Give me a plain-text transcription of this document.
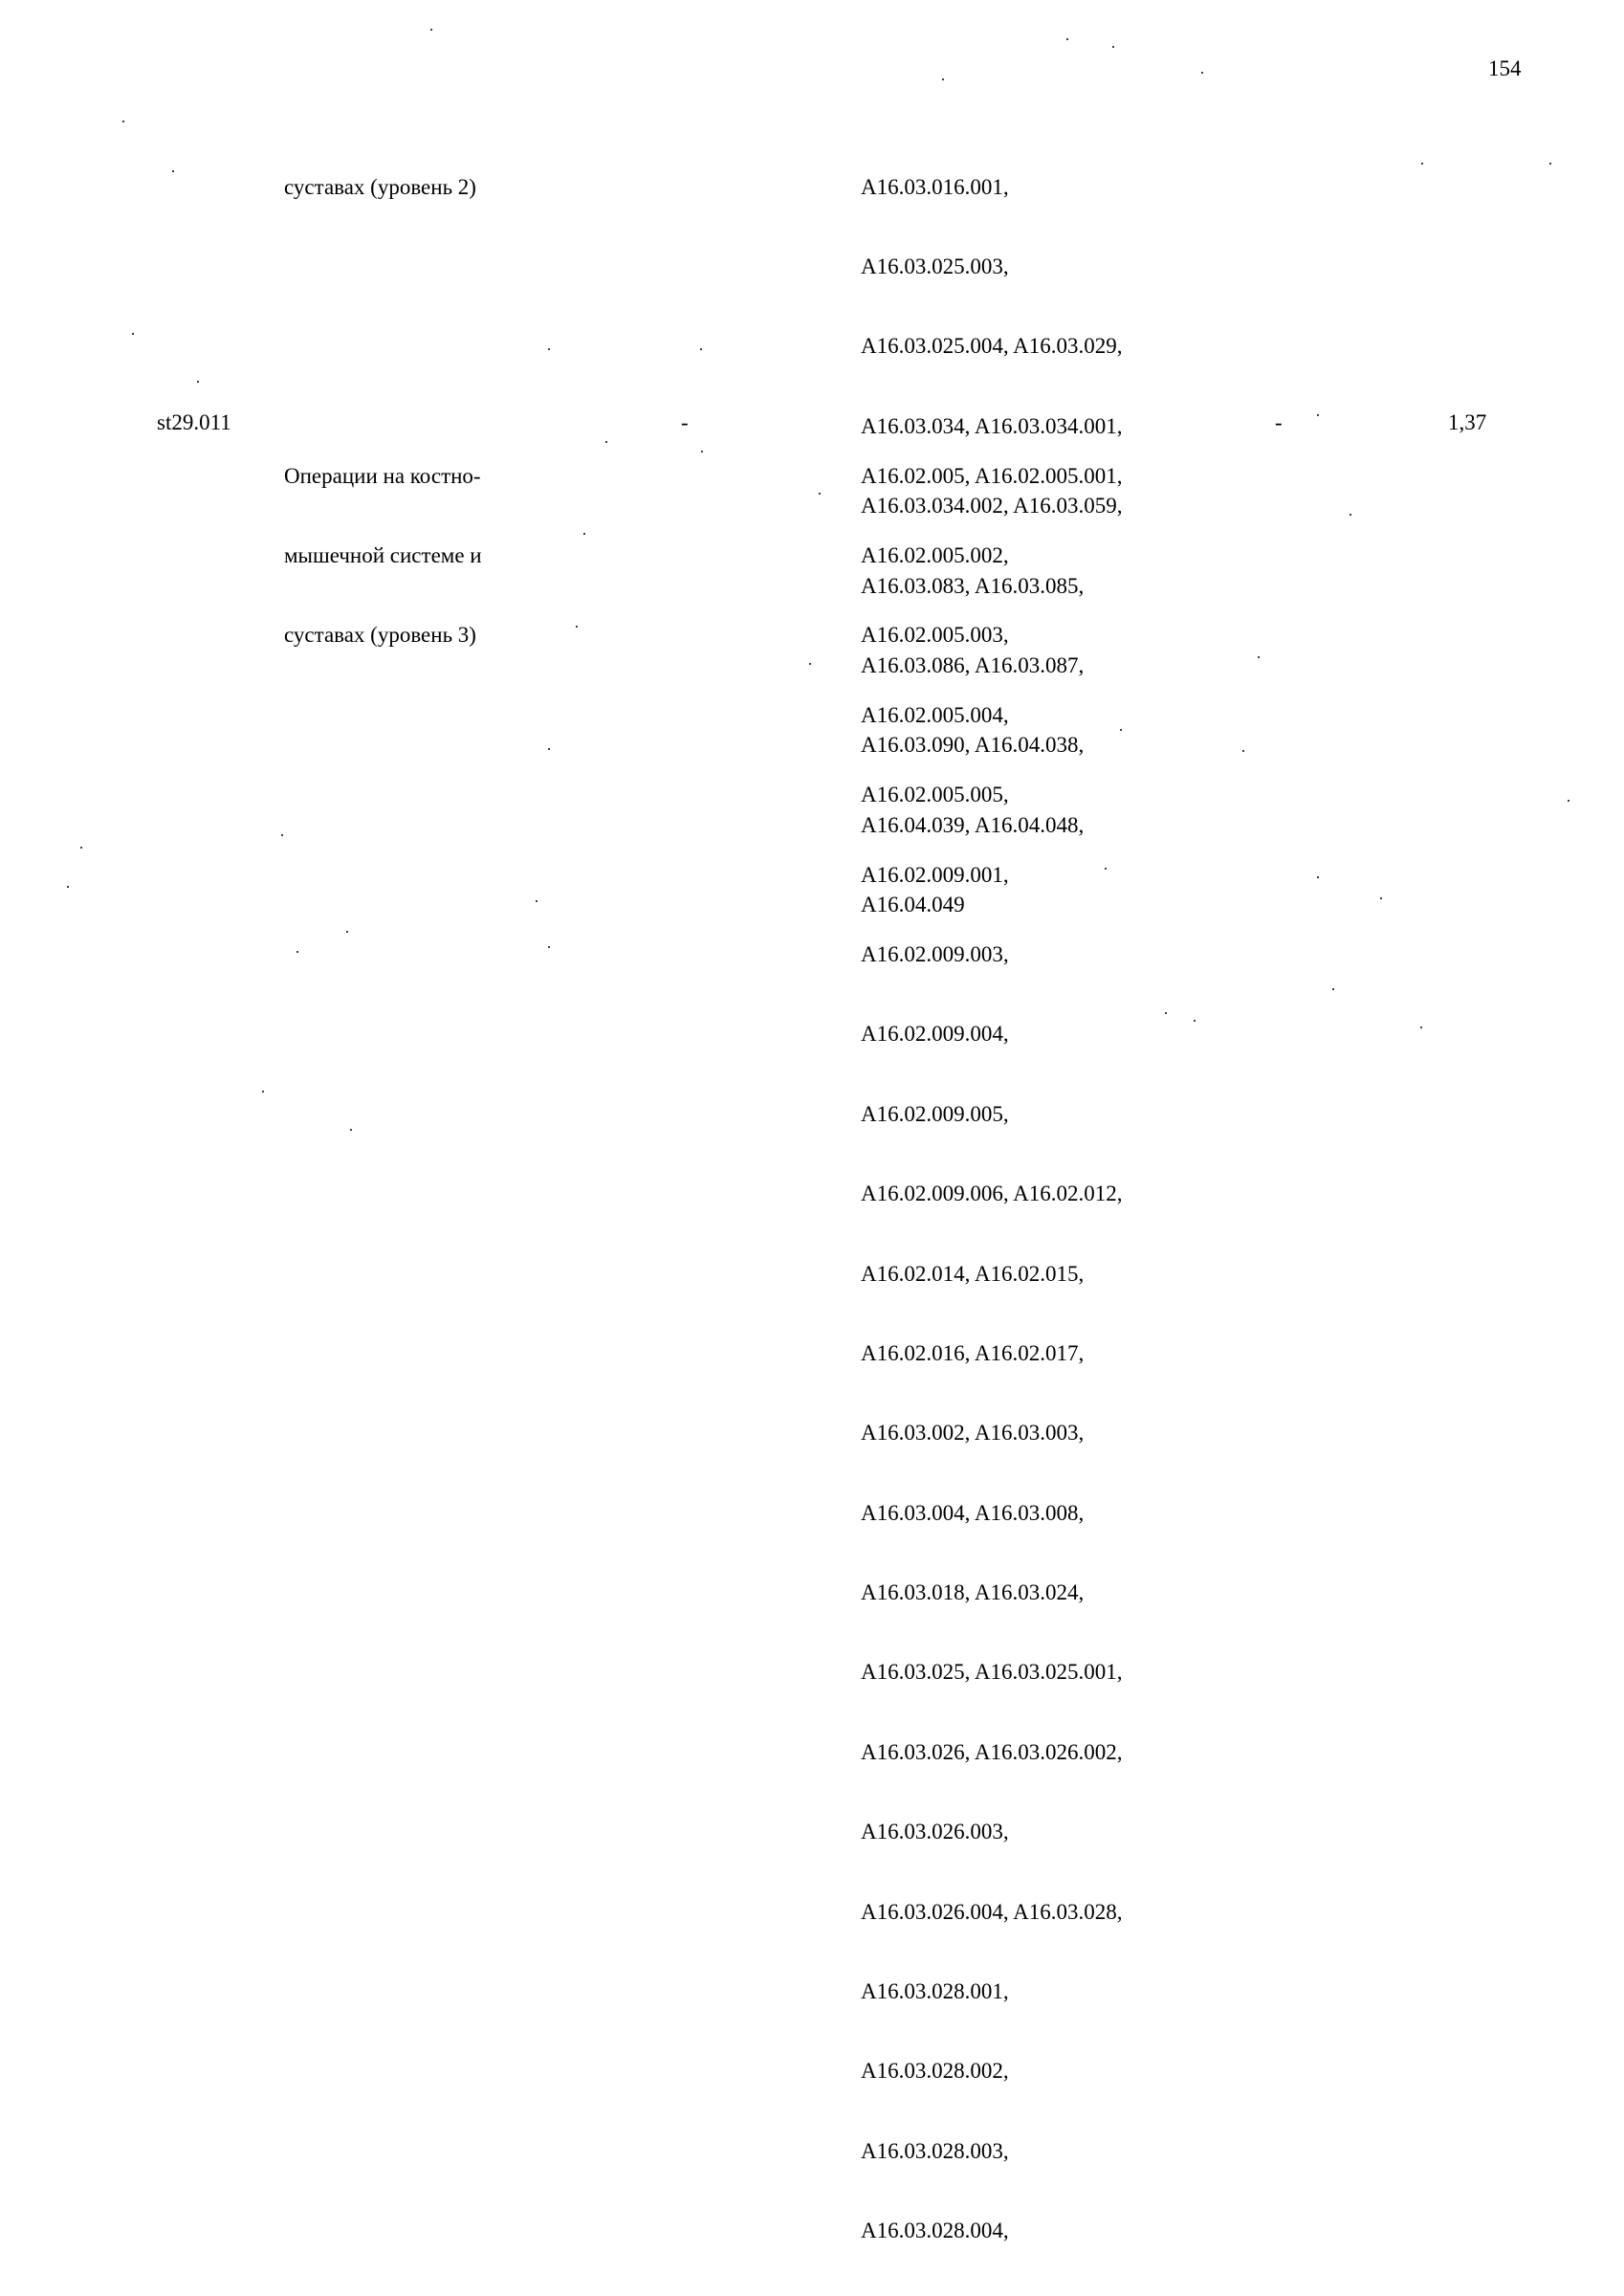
154

суставах (уровень 2)

	A16.03.016.001,

A16.03.025.003,

A16.03.025.004, A16.03.029,

A16.03.034, A16.03.034.001,

A16.03.034.002, A16.03.059,

A16.03.083, A16.03.085,

A16.03.086, A16.03.087,

A16.03.090, A16.04.038,

A16.04.039, A16.04.048,

A16.04.049

st29.011

Операции на костно-

мышечной системе и

суставах (уровень 3)

-

A16.02.005, A16.02.005.001,

A16.02.005.002,

A16.02.005.003,

A16.02.005.004,

A16.02.005.005,

A16.02.009.001,

A16.02.009.003,

A16.02.009.004,

A16.02.009.005,

A16.02.009.006, A16.02.012,

A16.02.014, A16.02.015,

A16.02.016, A16.02.017,

A16.03.002, A16.03.003,

A16.03.004, A16.03.008,

A16.03.018, A16.03.024,

A16.03.025, A16.03.025.001,

A16.03.026, A16.03.026.002,

A16.03.026.003,

A16.03.026.004, A16.03.028,

A16.03.028.001,

A16.03.028.002,

A16.03.028.003,

A16.03.028.004,

-	1,37
